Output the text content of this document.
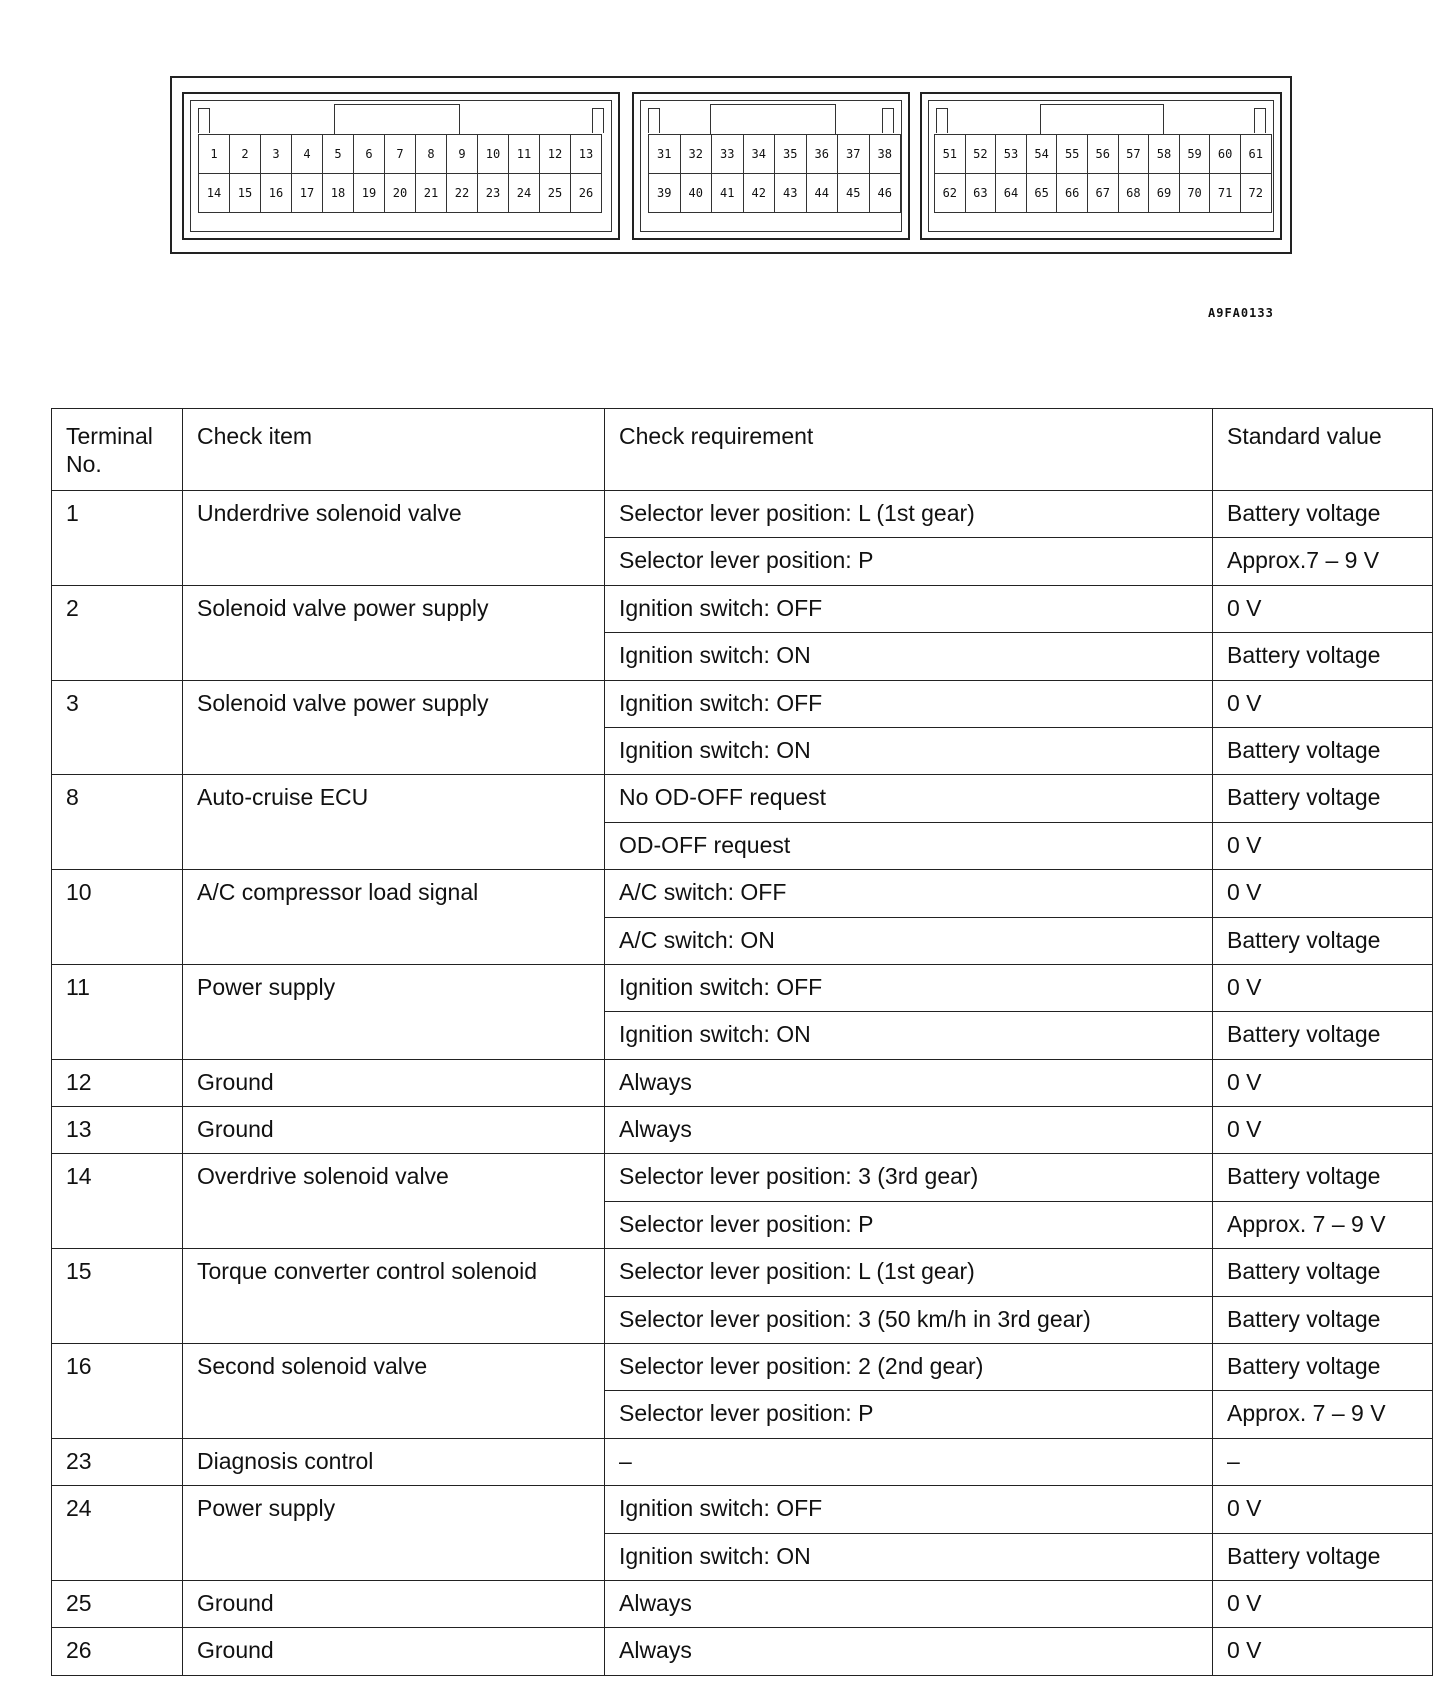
1	2	3	4	5	6	7	8	9	10	11	12	13
14	15	16	17	18	19	20	21	22	23	24	25	26
31	32	33	34	35	36	37	38
39	40	41	42	43	44	45	46
51	52	53	54	55	56	57	58	59	60	61
62	63	64	65	66	67	68	69	70	71	72
A9FA0133
Terminal No.	Check item	Check requirement	Standard value
1	Underdrive solenoid valve	Selector lever position: L (1st gear)	Battery voltage
		Selector lever position: P	Approx.7 – 9 V
2	Solenoid valve power supply	Ignition switch: OFF	0 V
		Ignition switch: ON	Battery voltage
3	Solenoid valve power supply	Ignition switch: OFF	0 V
		Ignition switch: ON	Battery voltage
8	Auto-cruise ECU	No OD-OFF request	Battery voltage
		OD-OFF request	0 V
10	A/C compressor load signal	A/C switch: OFF	0 V
		A/C switch: ON	Battery voltage
11	Power supply	Ignition switch: OFF	0 V
		Ignition switch: ON	Battery voltage
12	Ground	Always	0 V
13	Ground	Always	0 V
14	Overdrive solenoid valve	Selector lever position: 3 (3rd gear)	Battery voltage
		Selector lever position: P	Approx. 7 – 9 V
15	Torque converter control solenoid	Selector lever position: L (1st gear)	Battery voltage
		Selector lever position: 3 (50 km/h in 3rd gear)	Battery voltage
16	Second solenoid valve	Selector lever position: 2 (2nd gear)	Battery voltage
		Selector lever position: P	Approx. 7 – 9 V
23	Diagnosis control	–	–
24	Power supply	Ignition switch: OFF	0 V
		Ignition switch: ON	Battery voltage
25	Ground	Always	0 V
26	Ground	Always	0 V
